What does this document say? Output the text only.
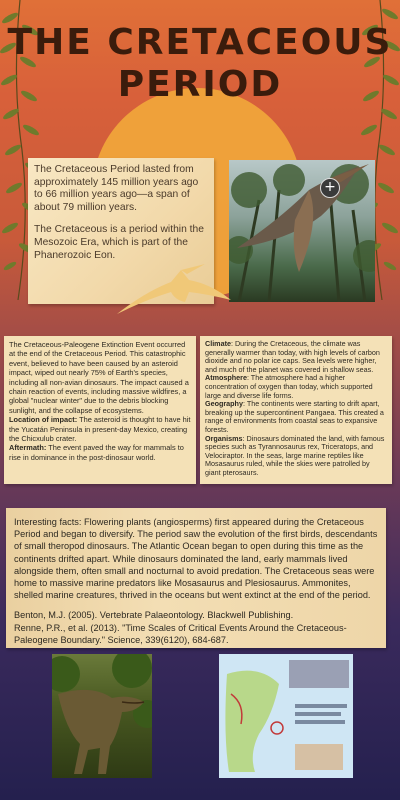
THE CRETACEOUS
PERIOD

The Cretaceous Period lasted from approximately 145 million years ago to 66 million years ago—a span of about 79 million years.

The Cretaceous is a period within the Mesozoic Era, which is part of the Phanerozoic Eon.

+

The Cretaceous-Paleogene Extinction Event occurred at the end of the Cretaceous Period. This catastrophic event, believed to have been caused by an asteroid impact, wiped out nearly 75% of Earth's species, including all non-avian dinosaurs. The impact caused a chain reaction of events, including massive wildfires, a global "nuclear winter" due to the debris blocking sunlight, and the collapse of ecosystems.

Location of impact: The asteroid is thought to have hit the Yucatán Peninsula in present-day Mexico, creating the Chicxulub crater.

Aftermath: The event paved the way for mammals to rise in dominance in the post-dinosaur world.

Climate: During the Cretaceous, the climate was generally warmer than today, with high levels of carbon dioxide and no polar ice caps. Sea levels were higher, and much of the planet was covered in shallow seas.

Atmosphere: The atmosphere had a higher concentration of oxygen than today, which supported large and diverse life forms.

Geography: The continents were starting to drift apart, breaking up the supercontinent Pangaea. This created a range of environments from coastal seas to expansive forests.

Organisms: Dinosaurs dominated the land, with famous species such as Tyrannosaurus rex, Triceratops, and Velociraptor. In the seas, large marine reptiles like Mosasaurus ruled, while the skies were patrolled by giant pterosaurs.

Interesting facts: Flowering plants (angiosperms) first appeared during the Cretaceous Period and began to diversify. The period saw the evolution of the first birds, descendants of small theropod dinosaurs. The Atlantic Ocean began to open during this time as the continents drifted apart. While dinosaurs dominated the land, early mammals lived alongside them, often small and nocturnal to avoid predation. The Cretaceous seas were home to massive marine predators like Mosasaurus and Plesiosaurus. Ammonites, shelled marine creatures, thrived in the oceans but went extinct at the end of the period.

Benton, M.J. (2005). Vertebrate Palaeontology. Blackwell Publishing.

Renne, P.R., et al. (2013). "Time Scales of Critical Events Around the Cretaceous-Paleogene Boundary." Science, 339(6120), 684-687.
